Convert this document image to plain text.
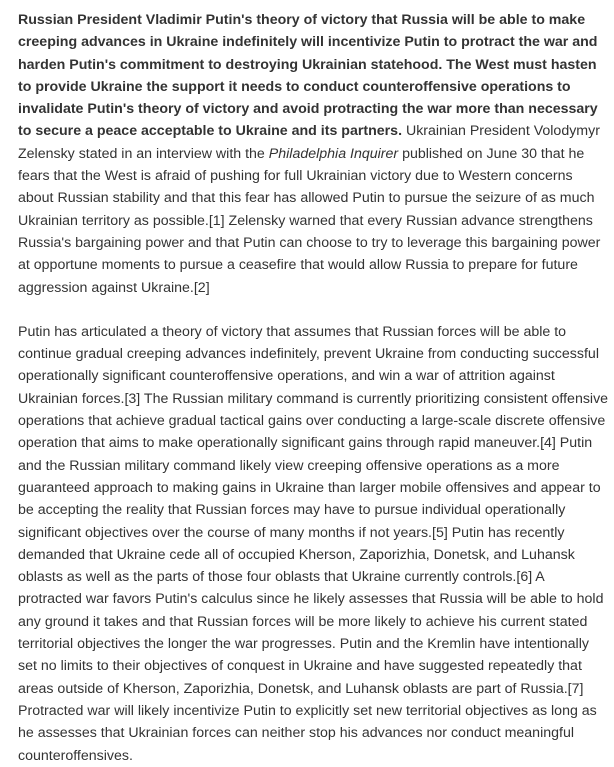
Russian President Vladimir Putin's theory of victory that Russia will be able to make creeping advances in Ukraine indefinitely will incentivize Putin to protract the war and harden Putin's commitment to destroying Ukrainian statehood. The West must hasten to provide Ukraine the support it needs to conduct counteroffensive operations to invalidate Putin's theory of victory and avoid protracting the war more than necessary to secure a peace acceptable to Ukraine and its partners. Ukrainian President Volodymyr Zelensky stated in an interview with the Philadelphia Inquirer published on June 30 that he fears that the West is afraid of pushing for full Ukrainian victory due to Western concerns about Russian stability and that this fear has allowed Putin to pursue the seizure of as much Ukrainian territory as possible.[1] Zelensky warned that every Russian advance strengthens Russia's bargaining power and that Putin can choose to try to leverage this bargaining power at opportune moments to pursue a ceasefire that would allow Russia to prepare for future aggression against Ukraine.[2]

Putin has articulated a theory of victory that assumes that Russian forces will be able to continue gradual creeping advances indefinitely, prevent Ukraine from conducting successful operationally significant counteroffensive operations, and win a war of attrition against Ukrainian forces.[3] The Russian military command is currently prioritizing consistent offensive operations that achieve gradual tactical gains over conducting a large-scale discrete offensive operation that aims to make operationally significant gains through rapid maneuver.[4] Putin and the Russian military command likely view creeping offensive operations as a more guaranteed approach to making gains in Ukraine than larger mobile offensives and appear to be accepting the reality that Russian forces may have to pursue individual operationally significant objectives over the course of many months if not years.[5] Putin has recently demanded that Ukraine cede all of occupied Kherson, Zaporizhia, Donetsk, and Luhansk oblasts as well as the parts of those four oblasts that Ukraine currently controls.[6] A protracted war favors Putin's calculus since he likely assesses that Russia will be able to hold any ground it takes and that Russian forces will be more likely to achieve his current stated territorial objectives the longer the war progresses. Putin and the Kremlin have intentionally set no limits to their objectives of conquest in Ukraine and have suggested repeatedly that areas outside of Kherson, Zaporizhia, Donetsk, and Luhansk oblasts are part of Russia.[7] Protracted war will likely incentivize Putin to explicitly set new territorial objectives as long as he assesses that Ukrainian forces can neither stop his advances nor conduct meaningful counteroffensives.
